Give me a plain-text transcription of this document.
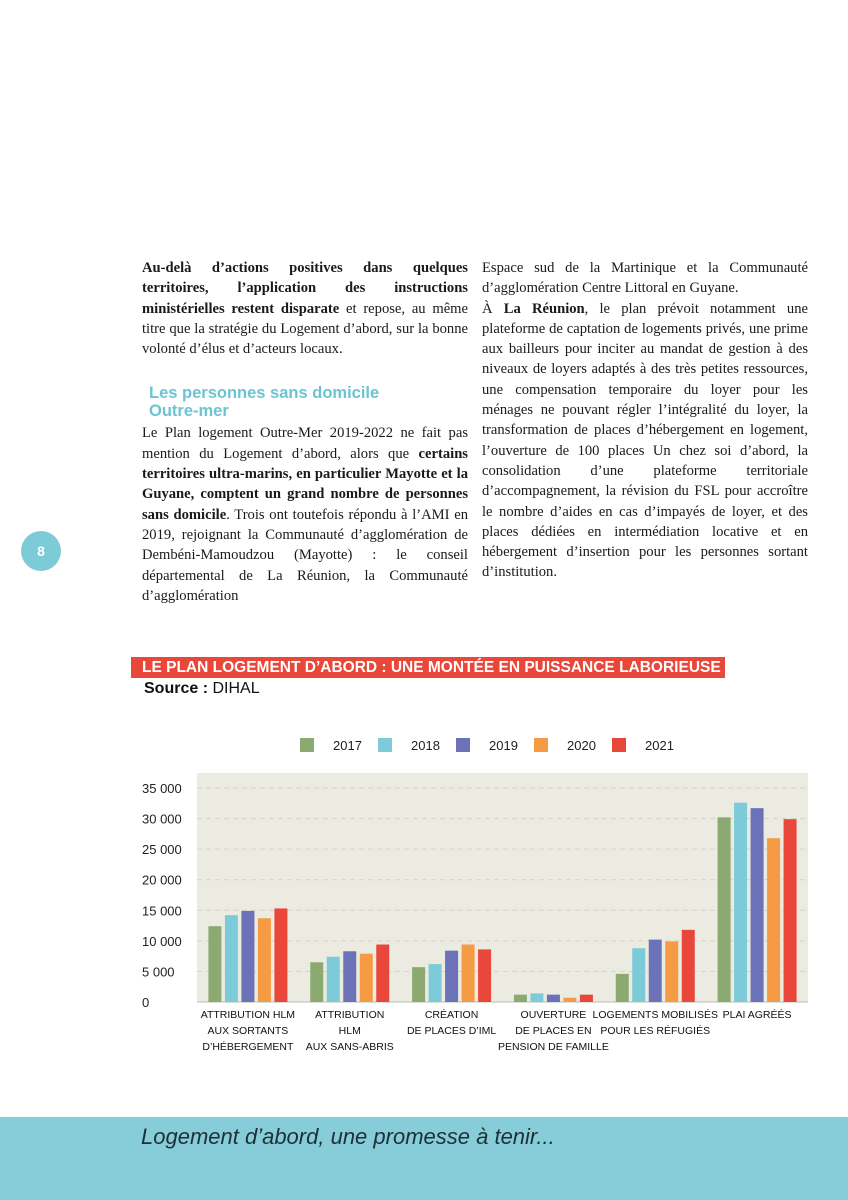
Au-delà d’actions positives dans quelques territoires, l’application des instructions ministérielles restent disparate et repose, au même titre que la stratégie du Logement d’abord, sur la bonne volonté d’élus et d’acteurs locaux.

Les personnes sans domicile
Outre-mer

Le Plan logement Outre-Mer 2019-2022 ne fait pas mention du Logement d’abord, alors que certains territoires ultra-marins, en particulier Mayotte et la Guyane, comptent un grand nombre de personnes sans domicile. Trois ont toutefois répondu à l’AMI en 2019, rejoignant la Communauté d’agglomération de Dembéni-Mamoudzou (Mayotte) : le conseil départemental de La Réunion, la Communauté d’agglomération

Espace sud de la Martinique et la Communauté d’agglomération Centre Littoral en Guyane.

À La Réunion, le plan prévoit notamment une plateforme de captation de logements privés, une prime aux bailleurs pour inciter au mandat de gestion à des niveaux de loyers adaptés à des très petites ressources, une compensation temporaire du loyer pour les ménages ne pouvant régler l’intégralité du loyer, la transformation de places d’hébergement en logement, l’ouverture de 100 places Un chez soi d’abord, la consolidation d’une plateforme territoriale d’accompagnement, la révision du FSL pour accroître le nombre d’aides en cas d’impayés de loyer, et des places dédiées en intermédiation locative et en hébergement d’insertion pour les personnes sortant d’institution.

8
LE PLAN LOGEMENT D’ABORD : UNE MONTÉE EN PUISSANCE LABORIEUSE
Source : DIHAL
2017	2018	2019	2020	2021
35 000
30 000
25 000
20 000
15 000
10 000
5 000
0
ATTRIBUTION HLM
AUX SORTANTS
D’HÉBERGEMENT
ATTRIBUTION
HLM
AUX SANS-ABRIS
CRÉATION
DE PLACES D’IML
OUVERTURE
DE PLACES EN
PENSION DE FAMILLE
LOGEMENTS MOBILISÉS
POUR LES RÉFUGIÉS
PLAI AGRÉÉS
Logement d’abord, une promesse à tenir...
